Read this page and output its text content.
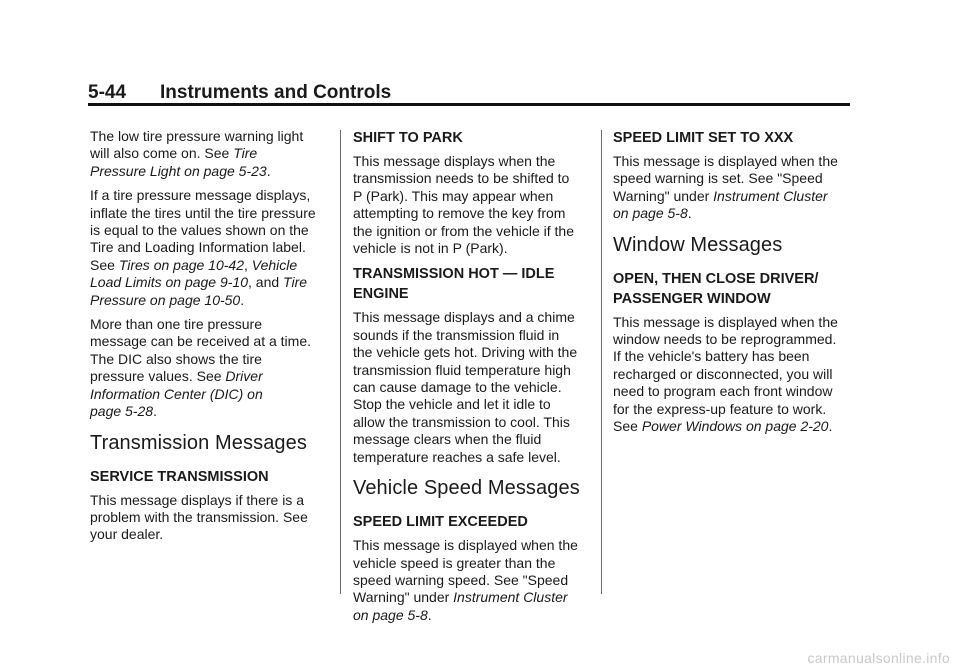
5-44	Instruments and Controls

The low tire pressure warning light
will also come on. See Tire
Pressure Light on page 5-23.

If a tire pressure message displays,
inflate the tires until the tire pressure
is equal to the values shown on the
Tire and Loading Information label.
See Tires on page 10-42, Vehicle
Load Limits on page 9-10, and Tire
Pressure on page 10-50.

More than one tire pressure
message can be received at a time.
The DIC also shows the tire
pressure values. See Driver
Information Center (DIC) on
page 5-28.

Transmission Messages
SERVICE TRANSMISSION

This message displays if there is a
problem with the transmission. See
your dealer.

SHIFT TO PARK

This message displays when the
transmission needs to be shifted to
P (Park). This may appear when
attempting to remove the key from
the ignition or from the vehicle if the
vehicle is not in P (Park).

TRANSMISSION HOT — IDLE
ENGINE

This message displays and a chime
sounds if the transmission fluid in
the vehicle gets hot. Driving with the
transmission fluid temperature high
can cause damage to the vehicle.
Stop the vehicle and let it idle to
allow the transmission to cool. This
message clears when the fluid
temperature reaches a safe level.

Vehicle Speed Messages
SPEED LIMIT EXCEEDED

This message is displayed when the
vehicle speed is greater than the
speed warning speed. See "Speed
Warning" under Instrument Cluster
on page 5-8.

SPEED LIMIT SET TO XXX

This message is displayed when the
speed warning is set. See "Speed
Warning" under Instrument Cluster
on page 5-8.

Window Messages
OPEN, THEN CLOSE DRIVER/
PASSENGER WINDOW

This message is displayed when the
window needs to be reprogrammed.
If the vehicle's battery has been
recharged or disconnected, you will
need to program each front window
for the express-up feature to work.
See Power Windows on page 2-20.

carmanualsonline.info
